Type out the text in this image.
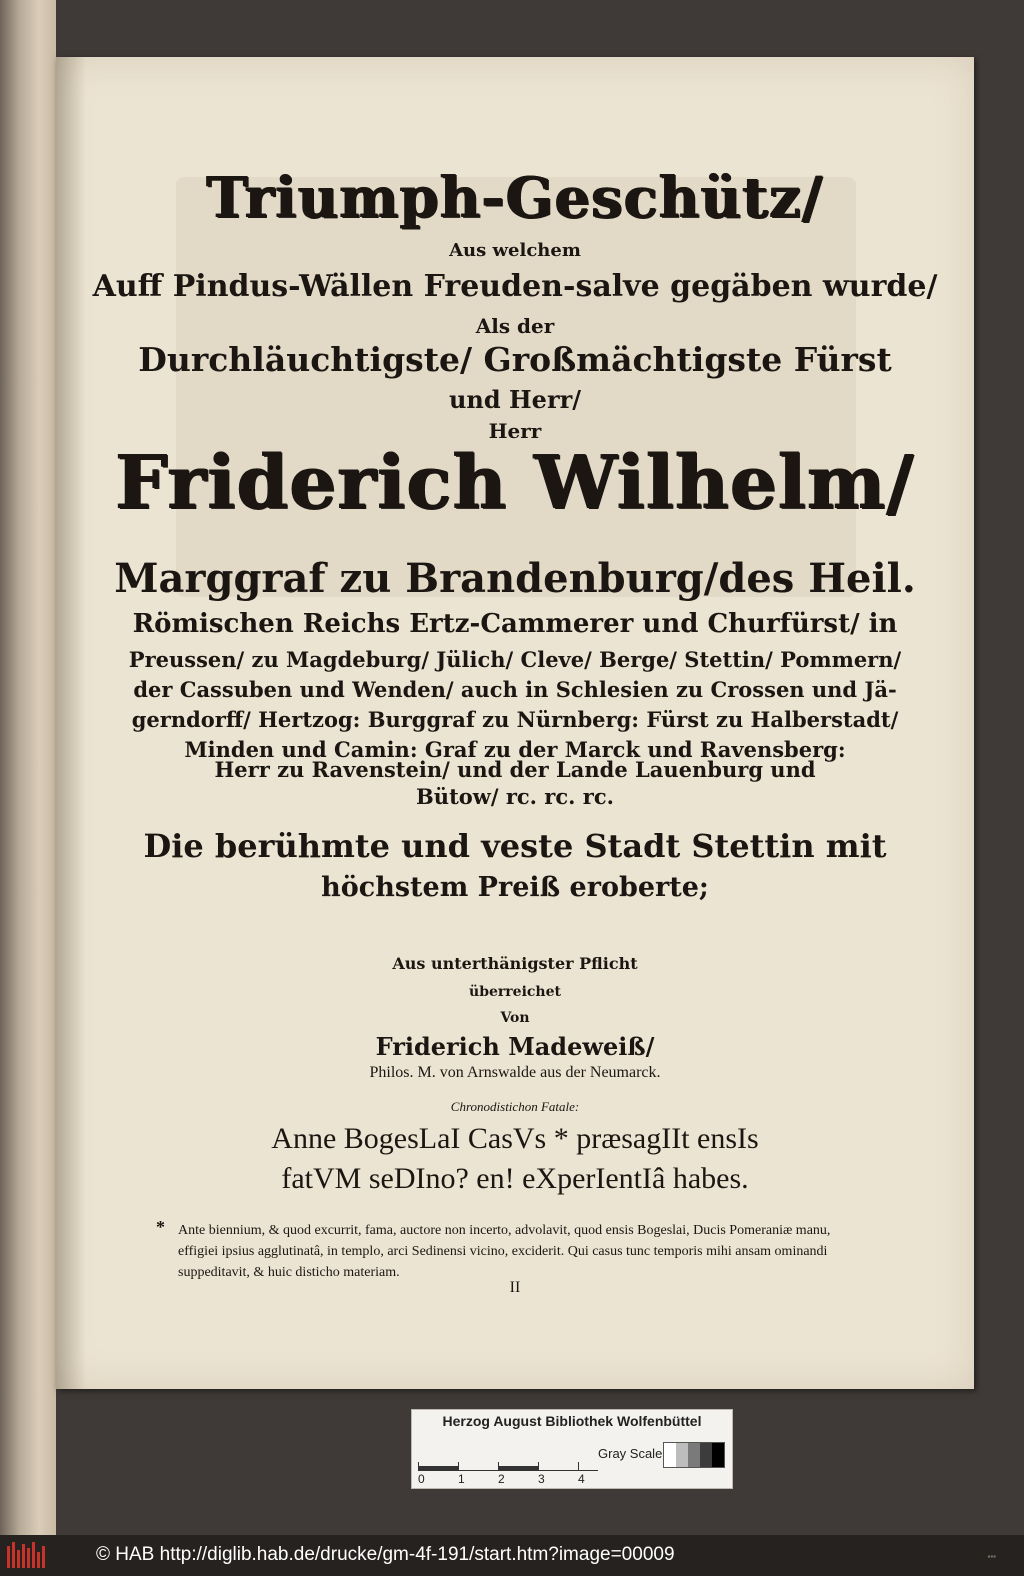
Triumph-Geschütz/
Aus welchem
Auff Pindus-Wällen Freuden-salve gegäben wurde/
Als der
Durchläuchtigste/ Großmächtigste Fürst
und Herr/
Herr
Friderich Wilhelm/
Marggraf zu Brandenburg/des Heil.
Römischen Reichs Ertz-Cammerer und Churfürst/ in
Preussen/ zu Magdeburg/ Jülich/ Cleve/ Berge/ Stettin/ Pommern/
der Cassuben und Wenden/ auch in Schlesien zu Crossen und Jä-
gerndorff/ Hertzog: Burggraf zu Nürnberg: Fürst zu Halberstadt/
Minden und Camin: Graf zu der Marck und Ravensberg:
Herr zu Ravenstein/ und der Lande Lauenburg und
Bütow/ rc. rc. rc.
Die berühmte und veste Stadt Stettin mit
höchstem Preiß eroberte;
Aus unterthänigster Pflicht
überreichet
Von
Friderich Madeweiß/
Philos. M. von Arnswalde aus der Neumarck.
Chronodistichon Fatale:
Anne BogesLaI CasVs * præsagIIt ensIs
fatVM seDIno? en! eXperIentIâ habes.
* Ante biennium, & quod excurrit, fama, auctore non incerto, advolavit, quod ensis Bogeslai, Ducis Pomeraniæ manu, effigiei ipsius agglutinatâ, in templo, arci Sedinensi vicino, exciderit. Qui casus tunc temporis mihi ansam ominandi suppeditavit, & huic disticho materiam.
II
Herzog August Bibliothek Wolfenbüttel
Gray Scale
0	1	2	3	4
© HAB http://diglib.hab.de/drucke/gm-4f-191/start.htm?image=00009	▪▪▪
